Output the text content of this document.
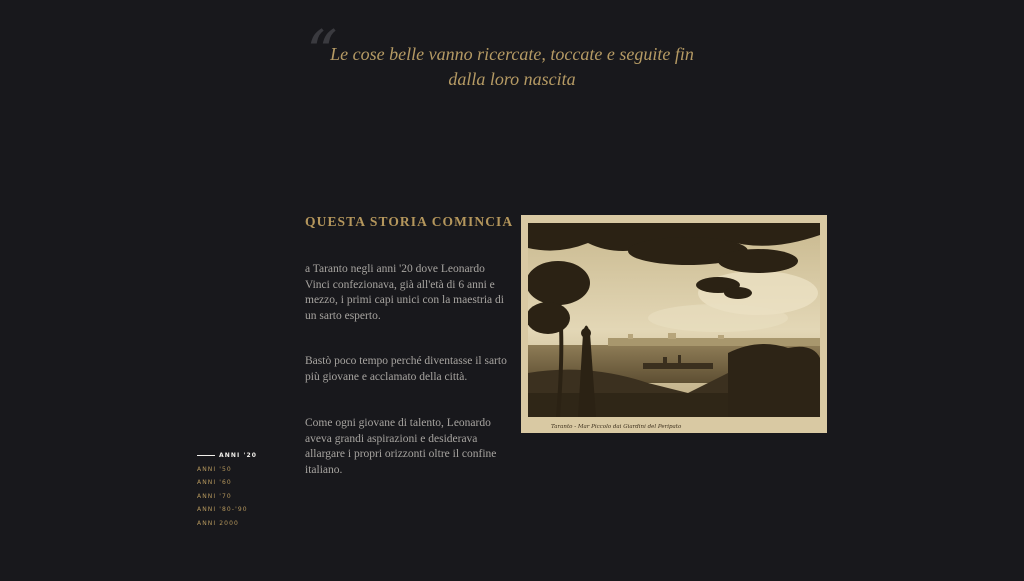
“
Le cose belle vanno ricercate, toccate e seguite fin
dalla loro nascita
QUESTA STORIA COMINCIA

a Taranto negli anni '20 dove Leonardo Vinci confezionava, già all'età di 6 anni e mezzo, i primi capi unici con la maestria di un sarto esperto.

Bastò poco tempo perché diventasse il sarto più giovane e acclamato della città.

Come ogni giovane di talento, Leonardo aveva grandi aspirazioni e desiderava allargare i propri orizzonti oltre il confine italiano.

Taranto - Mar Piccolo dai Giardini del Peripato
ANNI '20
ANNI '50
ANNI '60
ANNI '70
ANNI '80-'90
ANNI 2000
